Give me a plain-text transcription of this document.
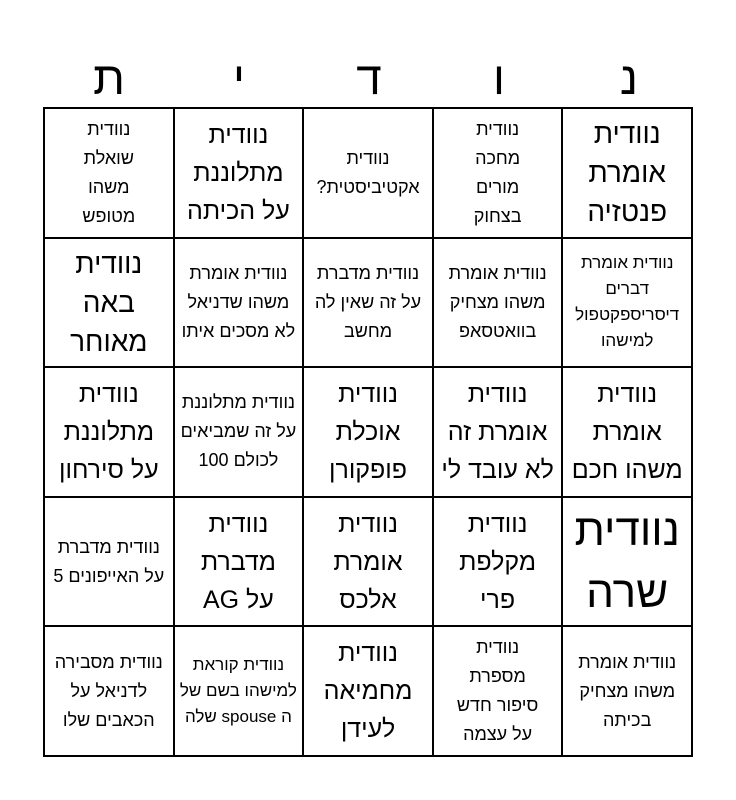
נ
ו
ד
י
ת
נוודית אומרת פנטזיה
נוודית מחכה מורים בצחוק
נוודית אקטיביסטית?
נוודית מתלוננת על הכיתה
נוודית שואלת משהו מטופש
נוודית אומרת דברים דיסריספקטפול למישהו
נוודית אומרת משהו מצחיק בוואטסאפ
נוודית מדברת על זה שאין לה מחשב
נוודית אומרת משהו שדניאל לא מסכים איתו
נוודית באה מאוחר
נוודית אומרת משהו חכם
נוודית אומרת זה לא עובד לי
נוודית אוכלת פופקורן
נוודית מתלוננת על זה שמביאים לכולם 100
נוודית מתלוננת על סירחון
נוודית שרה
נוודית מקלפת פרי
נוודית אומרת אלכס
נוודית מדברת על AG
נוודית מדברת על האייפונים 5
נוודית אומרת משהו מצחיק בכיתה
נוודית מספרת סיפור חדש על עצמה
נוודית מחמיאה לעידן
נוודית קוראת למישהו בשם של ה spouse שלה
נוודית מסבירה לדניאל על הכאבים שלו
